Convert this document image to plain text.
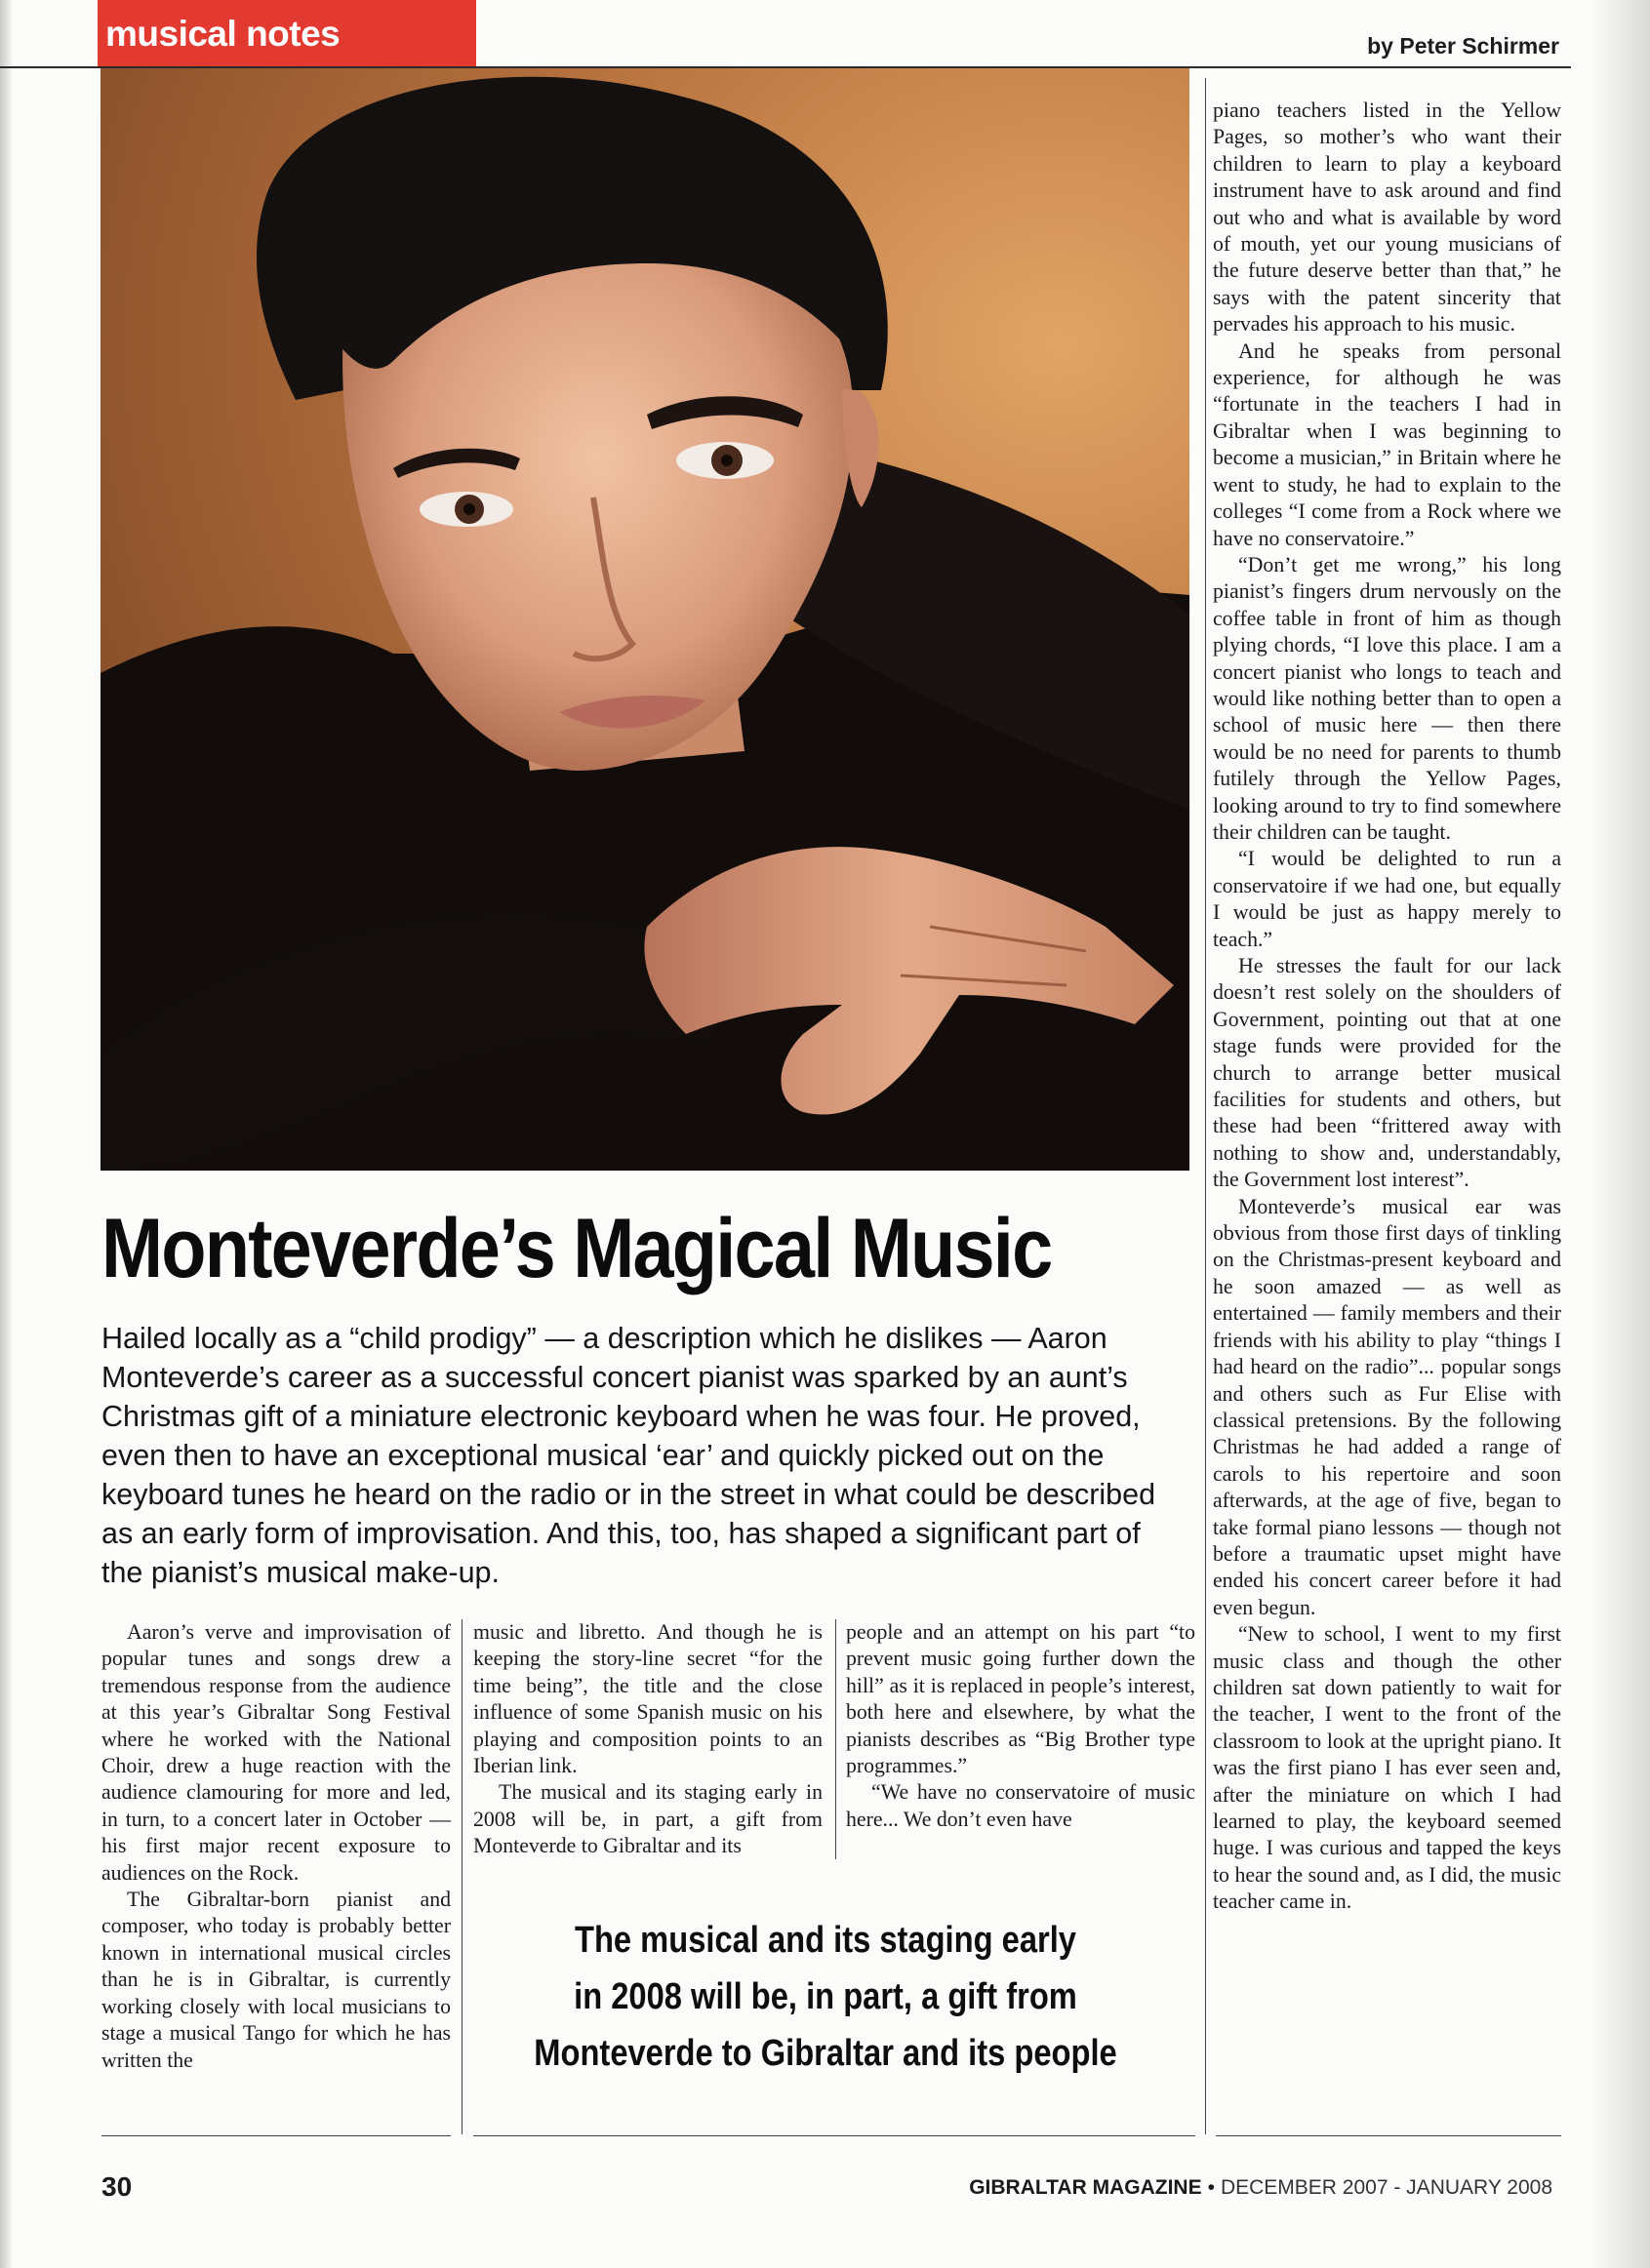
musical notes	by Peter Schirmer

piano teachers listed in the Yellow Pages, so mother’s who want their children to learn to play a keyboard instrument have to ask around and find out who and what is available by word of mouth, yet our young musicians of the future deserve better than that,” he says with the patent sincerity that pervades his approach to his music.

And he speaks from personal experience, for although he was “fortunate in the teachers I had in Gibraltar when I was beginning to become a musician,” in Britain where he went to study, he had to explain to the colleges “I come from a Rock where we have no conservatoire.”

“Don’t get me wrong,” his long pianist’s fingers drum nervously on the coffee table in front of him as though plying chords, “I love this place. I am a concert pianist who longs to teach and would like nothing better than to open a school of music here — then there would be no need for parents to thumb futilely through the Yellow Pages, looking around to try to find somewhere their children can be taught.

“I would be delighted to run a conservatoire if we had one, but equally I would be just as happy merely to teach.”

He stresses the fault for our lack doesn’t rest solely on the shoulders of Government, pointing out that at one stage funds were provided for the church to arrange better musical facilities for students and others, but these had been “frittered away with nothing to show and, understandably, the Government lost interest”.

Monteverde’s musical ear was obvious from those first days of tinkling on the Christmas-present keyboard and he soon amazed — as well as entertained — family members and their friends with his ability to play “things I had heard on the radio”... popular songs and others such as Fur Elise with classical pretensions. By the following Christmas he had added a range of carols to his repertoire and soon afterwards, at the age of five, began to take formal piano lessons — though not before a traumatic upset might have ended his concert career before it had even begun.

“New to school, I went to my first music class and though the other children sat down patiently to wait for the teacher, I went to the front of the classroom to look at the upright piano. It was the first piano I has ever seen and, after the miniature on which I had learned to play, the keyboard seemed huge. I was curious and tapped the keys to hear the sound and, as I did, the music teacher came in.

Monteverde’s Magical Music
Hailed locally as a “child prodigy” — a description which he dislikes — Aaron Monteverde’s career as a successful concert pianist was sparked by an aunt’s Christmas gift of a miniature electronic keyboard when he was four. He proved, even then to have an exceptional musical ‘ear’ and quickly picked out on the keyboard tunes he heard on the radio or in the street in what could be described as an early form of improvisation. And this, too, has shaped a significant part of the pianist’s musical make-up.

Aaron’s verve and improvisation of popular tunes and songs drew a tremendous response from the audience at this year’s Gibraltar Song Festival where he worked with the National Choir, drew a huge reaction with the audience clamouring for more and led, in turn, to a concert later in October — his first major recent exposure to audiences on the Rock.

The Gibraltar-born pianist and composer, who today is probably better known in international musical circles than he is in Gibraltar, is currently working closely with local musicians to stage a musical Tango for which he has written the

music and libretto. And though he is keeping the story-line secret “for the time being”, the title and the close influence of some Spanish music on his playing and composition points to an Iberian link.

The musical and its staging early in 2008 will be, in part, a gift from Monteverde to Gibraltar and its

people and an attempt on his part “to prevent music going further down the hill” as it is replaced in people’s interest, both here and elsewhere, by what the pianists describes as “Big Brother type programmes.”

“We have no conservatoire of music here... We don’t even have

The musical and its staging early
in 2008 will be, in part, a gift from
Monteverde to Gibraltar and its people
30	GIBRALTAR MAGAZINE • DECEMBER 2007 - JANUARY 2008
